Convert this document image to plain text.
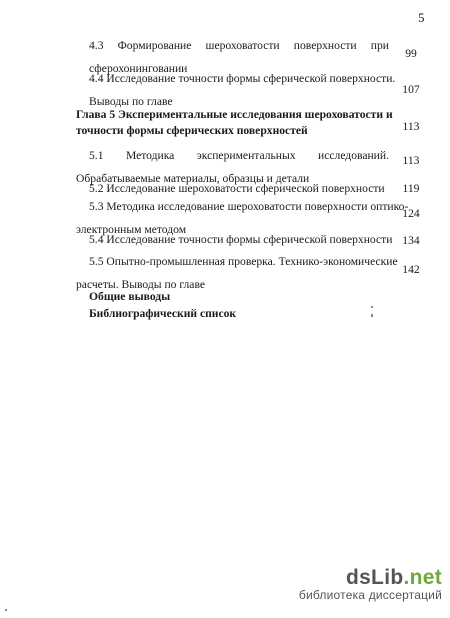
5
4.3 Формирование шероховатости поверхности при
сферохонинговании
99
4.4 Исследование точности формы сферической поверхности.
Выводы по главе
107
Глава 5 Экспериментальные исследования шероховатости и
точности формы сферических поверхностей	113
5.1 Методика экспериментальных исследований.
Обрабатываемые материалы, образцы и детали
113
5.2 Исследование шероховатости сферической поверхности	119
5.3 Методика исследование шероховатости поверхности оптико-
электронным методом
124
5.4 Исследование точности формы сферической поверхности 134
5.5 Опытно-промышленная проверка. Технико-экономические
расчеты. Выводы по главе
142
Общие выводы
Библиографический список
dsLib.net
библиотека диссертаций
